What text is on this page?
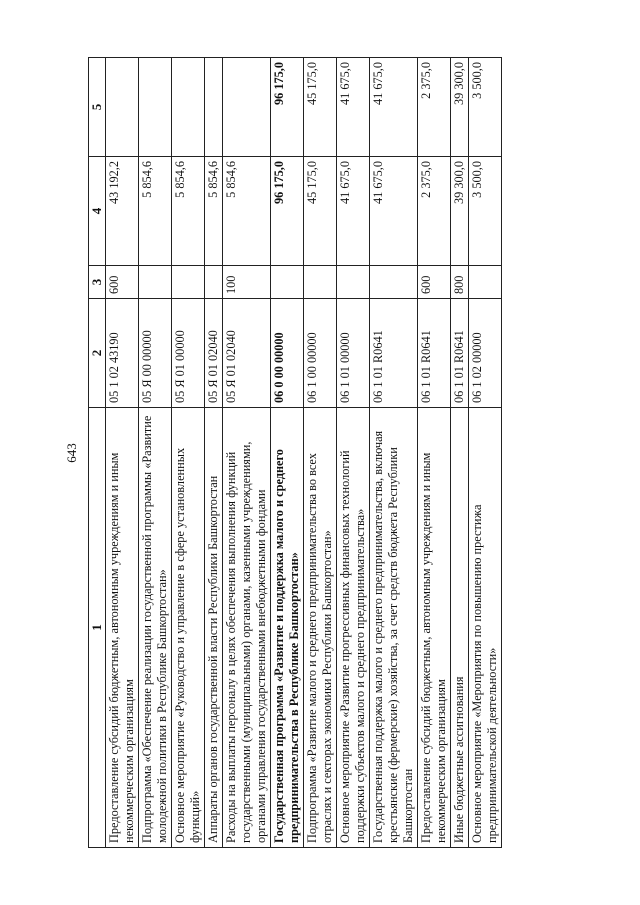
643
1	2	3	4	5
Предоставление субсидий бюджетным, автономным учреждениям и иным некоммерческим организациям	05 1 02 43190	600	43 192,2	
Подпрограмма «Обеспечение реализации государственной программы «Развитие молодежной политики в Республике Башкортостан»	05 Я 00 00000		5 854,6	
Основное мероприятие «Руководство и управление в сфере установленных функций»	05 Я 01 00000		5 854,6	
Аппараты органов государственной власти Республики Башкортостан	05 Я 01 02040		5 854,6	
Расходы на выплаты персоналу в целях обеспечения выполнения функций государственными (муниципальными) органами, казенными учреждениями, органами управления государственными внебюджетными фондами	05 Я 01 02040	100	5 854,6	
Государственная программа «Развитие и поддержка малого и среднего предпринимательства в Республике Башкортостан»	06 0 00 00000		96 175,0	96 175,0
Подпрограмма «Развитие малого и среднего предпринимательства во всех отраслях и секторах экономики Республики Башкортостан»	06 1 00 00000		45 175,0	45 175,0
Основное мероприятие «Развитие прогрессивных финансовых технологий поддержки субъектов малого и среднего предпринимательства»	06 1 01 00000		41 675,0	41 675,0
Государственная поддержка малого и среднего предпринимательства, включая крестьянские (фермерские) хозяйства, за счет средств бюджета Республики Башкортостан	06 1 01 R0641		41 675,0	41 675,0
Предоставление субсидий бюджетным, автономным учреждениям и иным некоммерческим организациям	06 1 01 R0641	600	2 375,0	2 375,0
Иные бюджетные ассигнования	06 1 01 R0641	800	39 300,0	39 300,0
Основное мероприятие «Мероприятия по повышению престижа предпринимательской деятельности»	06 1 02 00000		3 500,0	3 500,0
